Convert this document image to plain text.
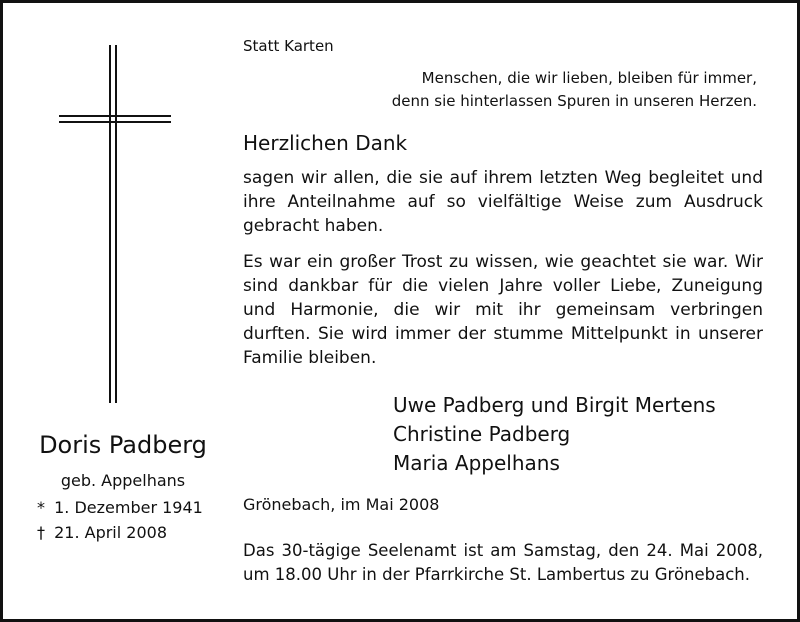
Doris Padberg
geb. Appelhans
* 1. Dezember 1941
† 21. April 2008
Statt Karten
Menschen, die wir lieben, bleiben für immer,
denn sie hinterlassen Spuren in unseren Herzen.
Herzlichen Dank
sagen wir allen, die sie auf ihrem letzten Weg begleitet und ihre Anteilnahme auf so vielfältige Weise zum Ausdruck gebracht haben.
Es war ein großer Trost zu wissen, wie geachtet sie war. Wir sind dankbar für die vielen Jahre voller Liebe, Zuneigung und Harmonie, die wir mit ihr gemeinsam verbringen durften. Sie wird immer der stumme Mittelpunkt in unserer Familie bleiben.
Uwe Padberg und Birgit Mertens
Christine Padberg
Maria Appelhans
Grönebach, im Mai 2008
Das 30-tägige Seelenamt ist am Samstag, den 24. Mai 2008, um 18.00 Uhr in der Pfarrkirche St. Lambertus zu Grönebach.
